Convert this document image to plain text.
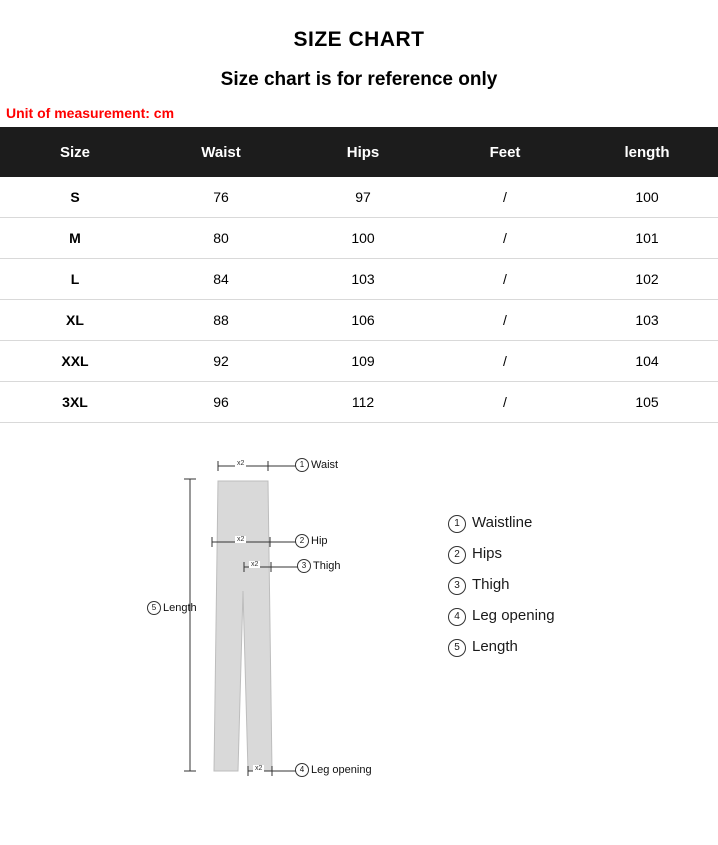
SIZE CHART
Size chart is for reference only
Unit of measurement: cm
Size	Waist	Hips	Feet	length
S	76	97	/	100
M	80	100	/	101
L	84	103	/	102
XL	88	106	/	103
XXL	92	109	/	104
3XL	96	112	/	105
x2
x2
x2
x2
1 Waist
2 Hip
3 Thigh
5 Length
4 Leg opening
1 Waistline
2 Hips
3 Thigh
4 Leg opening
5 Length
